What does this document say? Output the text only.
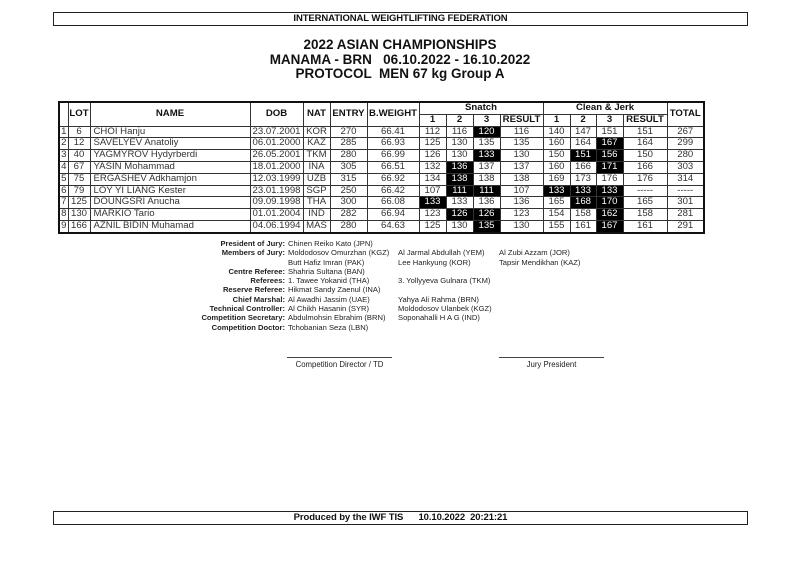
INTERNATIONAL WEIGHTLIFTING FEDERATION
2022 ASIAN CHAMPIONSHIPS
MANAMA - BRN   06.10.2022 - 16.10.2022
PROTOCOL  MEN 67 kg Group A
	LOT	NAME	DOB	NAT	ENTRY	B.WEIGHT	Snatch				Clean & Jerk				TOTAL
							1	2	3	RESULT	1	2	3	RESULT	
1	6	CHOI Hanju	23.07.2001	KOR	270	66.41	112	116	120	116	140	147	151	151	267
2	12	SAVELYEV Anatoliy	06.01.2000	KAZ	285	66.93	125	130	135	135	160	164	167	164	299
3	40	YAGMYROV Hydyrberdi	26.05.2001	TKM	280	66.99	126	130	133	130	150	151	156	150	280
4	67	YASIN Mohammad	18.01.2000	INA	305	66.51	132	136	137	137	160	166	171	166	303
5	75	ERGASHEV Adkhamjon	12.03.1999	UZB	315	66.92	134	138	138	138	169	173	176	176	314
6	79	LOY YI LIANG Kester	23.01.1998	SGP	250	66.42	107	111	111	107	133	133	133	-----	-----
7	125	DOUNGSRI Anucha	09.09.1998	THA	300	66.08	133	133	136	136	165	168	170	165	301
8	130	MARKIO Tario	01.01.2004	IND	282	66.94	123	126	126	123	154	158	162	158	281
9	166	AZNIL BIDIN Muhamad	04.06.1994	MAS	280	64.63	125	130	135	130	155	161	167	161	291
President of Jury: Chinen Reiko Kato (JPN)
Members of Jury: Moldodosov Omurzhan (KGZ) Al Jarmal Abdullah (YEM) Al Zubi Azzam (JOR)
Butt Hafiz Imran (PAK)	Lee Hankyung (KOR)	Tapsir Mendikhan (KAZ)
Centre Referee: Shahria Sultana (BAN)
Referees: 1. Tawee Yokanid (THA)	3. Yollyyeva Gulnara (TKM)
Reserve Referee: Hikmat Sandy Zaenul (INA)
Chief Marshal: Al Awadhi Jassim (UAE)	Yahya Ali Rahma (BRN)
Technical Controller: Al Chikh Hasanin (SYR)	Moldodosov Ulanbek (KGZ)
Competition Secretary: Abdulmohsin Ebrahim (BRN) Soponahalli H A G (IND)
Competition Doctor: Tchobanian Seza (LBN)
Competition Director / TD	Jury President
Produced by the IWF TIS      10.10.2022  20:21:21
